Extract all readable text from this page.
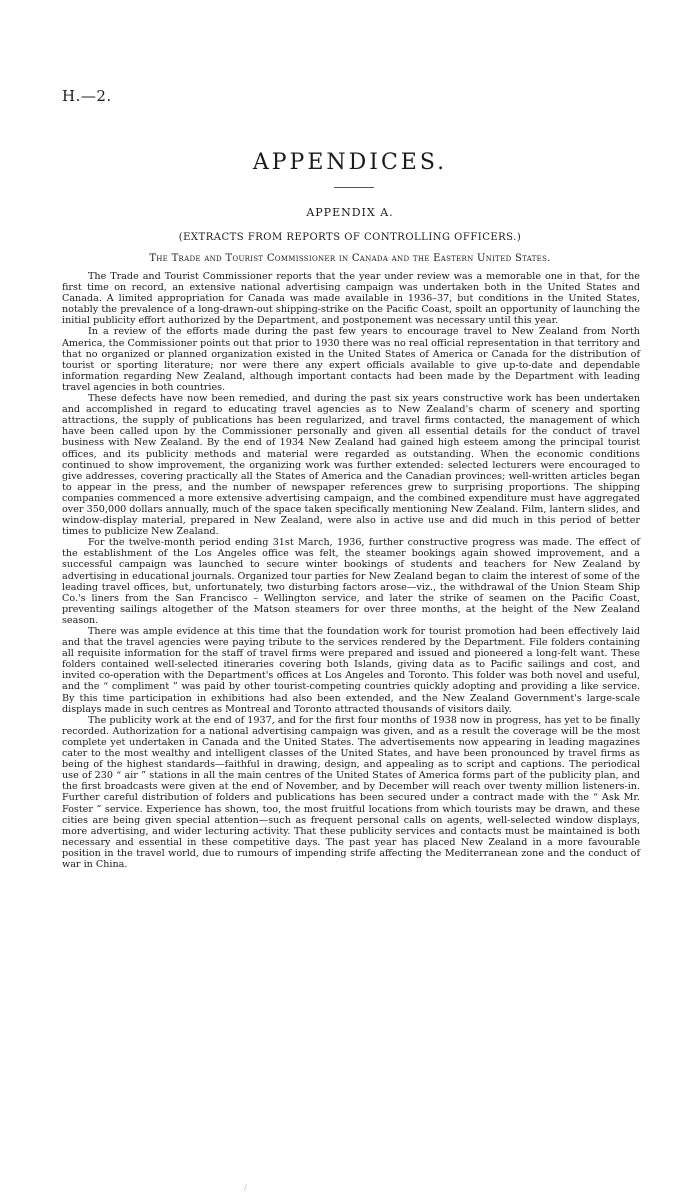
H.—2.
APPENDICES.
APPENDIX A.
(EXTRACTS FROM REPORTS OF CONTROLLING OFFICERS.)
The Trade and Tourist Commissioner in Canada and the Eastern United States.

The Trade and Tourist Commissioner reports that the year under review was a memorable one in that, for the first time on record, an extensive national advertising campaign was undertaken both in the United States and Canada. A limited appropriation for Canada was made available in 1936–37, but conditions in the United States, notably the prevalence of a long-drawn-out shipping-strike on the Pacific Coast, spoilt an opportunity of launching the initial publicity effort authorized by the Department, and postponement was necessary until this year.

In a review of the efforts made during the past few years to encourage travel to New Zealand from North America, the Commissioner points out that prior to 1930 there was no real official representation in that territory and that no organized or planned organization existed in the United States of America or Canada for the distribution of tourist or sporting literature; nor were there any expert officials available to give up-to-date and dependable information regarding New Zealand, although important contacts had been made by the Department with leading travel agencies in both countries.

These defects have now been remedied, and during the past six years constructive work has been undertaken and accomplished in regard to educating travel agencies as to New Zealand's charm of scenery and sporting attractions, the supply of publications has been regularized, and travel firms contacted, the management of which have been called upon by the Commissioner personally and given all essential details for the conduct of travel business with New Zealand. By the end of 1934 New Zealand had gained high esteem among the principal tourist offices, and its publicity methods and material were regarded as outstanding. When the economic conditions continued to show improvement, the organizing work was further extended: selected lecturers were encouraged to give addresses, covering practically all the States of America and the Canadian provinces; well-written articles began to appear in the press, and the number of newspaper references grew to surprising proportions. The shipping companies commenced a more extensive advertising campaign, and the combined expenditure must have aggregated over 350,000 dollars annually, much of the space taken specifically mentioning New Zealand. Film, lantern slides, and window-display material, prepared in New Zealand, were also in active use and did much in this period of better times to publicize New Zealand.

For the twelve-month period ending 31st March, 1936, further constructive progress was made. The effect of the establishment of the Los Angeles office was felt, the steamer bookings again showed improvement, and a successful campaign was launched to secure winter bookings of students and teachers for New Zealand by advertising in educational journals. Organized tour parties for New Zealand began to claim the interest of some of the leading travel offices, but, unfortunately, two disturbing factors arose—viz., the withdrawal of the Union Steam Ship Co.'s liners from the San Francisco – Wellington service, and later the strike of seamen on the Pacific Coast, preventing sailings altogether of the Matson steamers for over three months, at the height of the New Zealand season.

There was ample evidence at this time that the foundation work for tourist promotion had been effectively laid and that the travel agencies were paying tribute to the services rendered by the Department. File folders containing all requisite information for the staff of travel firms were prepared and issued and pioneered a long-felt want. These folders contained well-selected itineraries covering both Islands, giving data as to Pacific sailings and cost, and invited co-operation with the Department's offices at Los Angeles and Toronto. This folder was both novel and useful, and the “ compliment ” was paid by other tourist-competing countries quickly adopting and providing a like service. By this time participation in exhibitions had also been extended, and the New Zealand Government's large-scale displays made in such centres as Montreal and Toronto attracted thousands of visitors daily.

The publicity work at the end of 1937, and for the first four months of 1938 now in progress, has yet to be finally recorded. Authorization for a national advertising campaign was given, and as a result the coverage will be the most complete yet undertaken in Canada and the United States. The advertisements now appearing in leading magazines cater to the most wealthy and intelligent classes of the United States, and have been pronounced by travel firms as being of the highest standards—faithful in drawing, design, and appealing as to script and captions. The periodical use of 230 “ air ” stations in all the main centres of the United States of America forms part of the publicity plan, and the first broadcasts were given at the end of November, and by December will reach over twenty million listeners-in. Further careful distribution of folders and publications has been secured under a contract made with the “ Ask Mr. Foster ” service. Experience has shown, too, the most fruitful locations from which tourists may be drawn, and these cities are being given special attention—such as frequent personal calls on agents, well-selected window displays, more advertising, and wider lecturing activity. That these publicity services and contacts must be maintained is both necessary and essential in these competitive days. The past year has placed New Zealand in a more favourable position in the travel world, due to rumours of impending strife affecting the Mediterranean zone and the conduct of war in China.

/
